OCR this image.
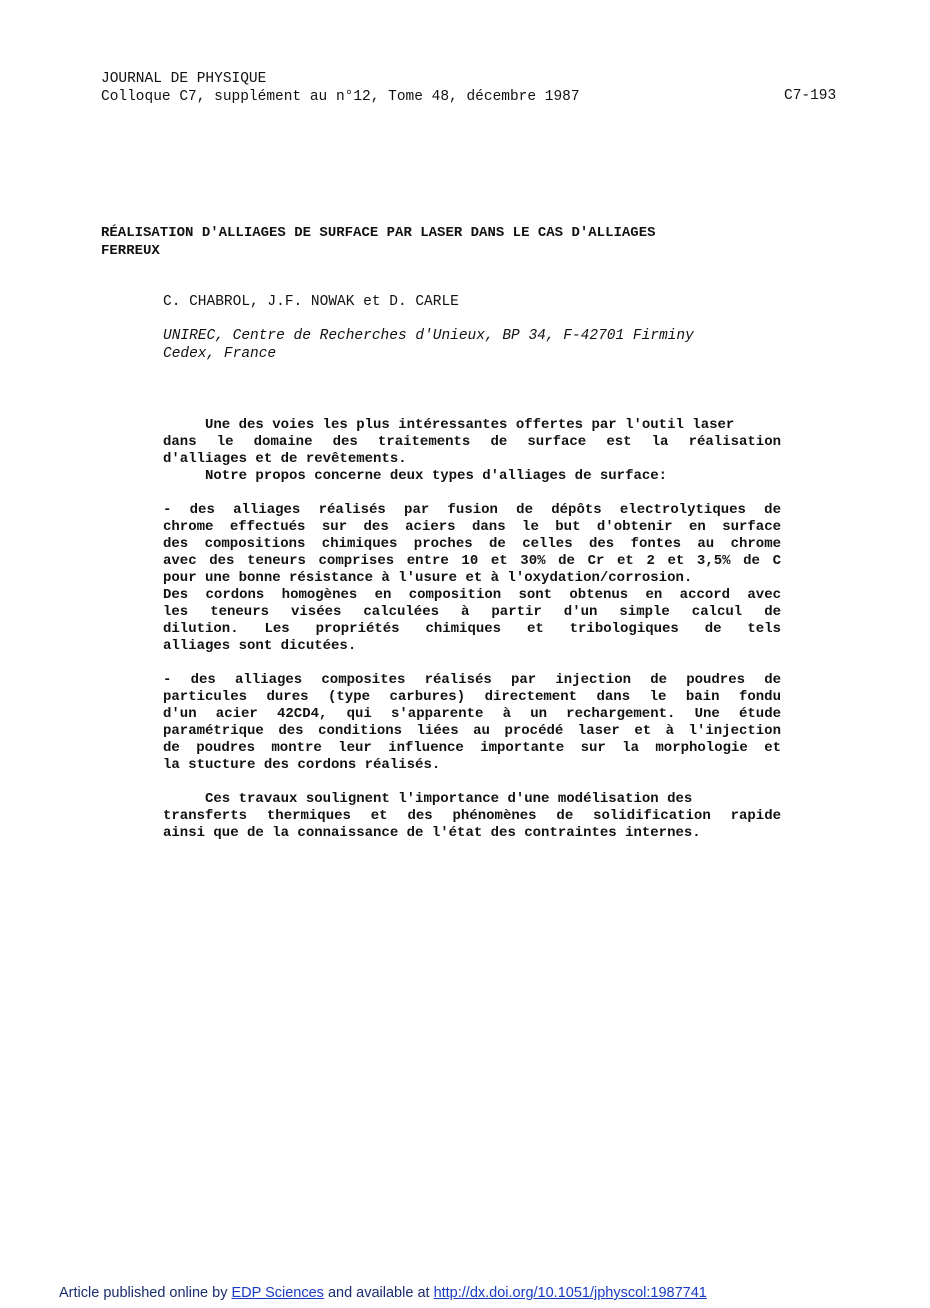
JOURNAL DE PHYSIQUE
Colloque C7, supplément au n°12, Tome 48, décembre 1987	C7-193
RÉALISATION D'ALLIAGES DE SURFACE PAR LASER DANS LE CAS D'ALLIAGES
FERREUX
C. CHABROL, J.F. NOWAK et D. CARLE
UNIREC, Centre de Recherches d'Unieux, BP 34, F-42701 Firminy
Cedex, France
Une des voies les plus intéressantes offertes par l'outil laser
dans le domaine des traitements de surface est la réalisation
d'alliages et de revêtements.
Notre propos concerne deux types d'alliages de surface:
- des alliages réalisés par fusion de dépôts electrolytiques de
chrome effectués sur des aciers dans le but d'obtenir en surface
des compositions chimiques proches de celles des fontes au chrome
avec des teneurs comprises entre 10 et 30% de Cr et 2 et 3,5% de C
pour une bonne résistance à l'usure et à l'oxydation/corrosion.
Des cordons homogènes en composition sont obtenus en accord avec
les teneurs visées calculées à partir d'un simple calcul de
dilution. Les propriétés chimiques et tribologiques de tels
alliages sont dicutées.
- des alliages composites réalisés par injection de poudres de
particules dures (type carbures) directement dans le bain fondu
d'un acier 42CD4, qui s'apparente à un rechargement. Une étude
paramétrique des conditions liées au procédé laser et à l'injection
de poudres montre leur influence importante sur la morphologie et
la stucture des cordons réalisés.
Ces travaux soulignent l'importance d'une modélisation des
transferts thermiques et des phénomènes de solidification rapide
ainsi que de la connaissance de l'état des contraintes internes.
Article published online by EDP Sciences and available at http://dx.doi.org/10.1051/jphyscol:1987741
